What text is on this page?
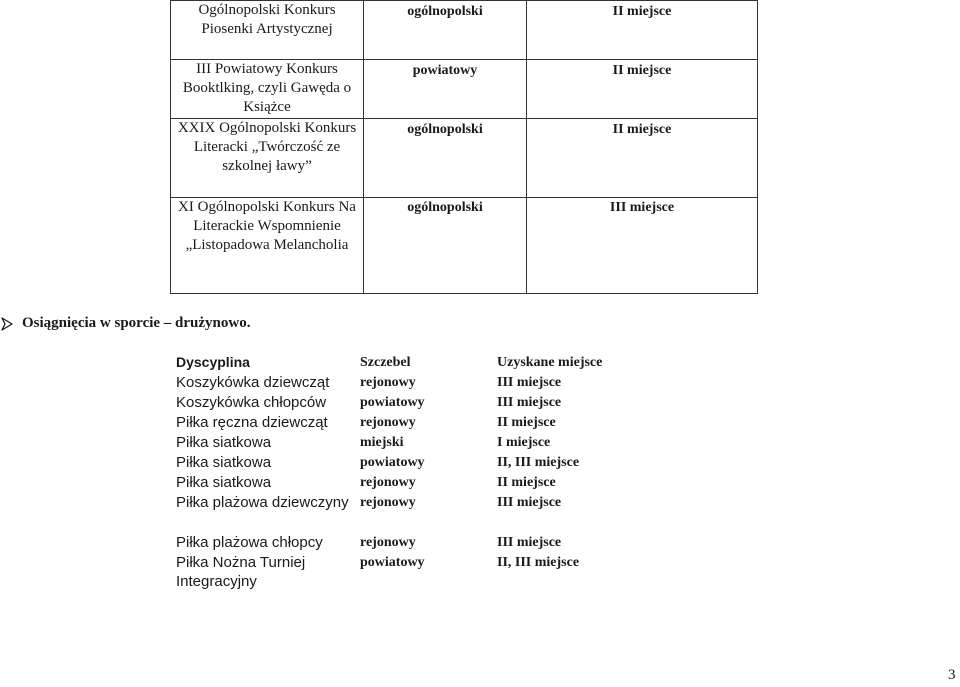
Ogólnopolski Konkurs Piosenki Artystycznej	ogólnopolski	II miejsce
III Powiatowy Konkurs Booktlking, czyli Gawęda o Książce	powiatowy	II miejsce
XXIX Ogólnopolski Konkurs Literacki „Twórczość ze szkolnej ławy”	ogólnopolski	II miejsce
XI Ogólnopolski Konkurs Na Literackie Wspomnienie „Listopadowa Melancholia	ogólnopolski	III miejsce
Osiągnięcia w sporcie – drużynowo.
Dyscyplina	Szczebel	Uzyskane miejsce
Koszykówka dziewcząt	rejonowy	III miejsce
Koszykówka chłopców	powiatowy	III miejsce
Piłka ręczna dziewcząt	rejonowy	II miejsce
Piłka siatkowa	miejski	I miejsce
Piłka siatkowa	powiatowy	II, III miejsce
Piłka siatkowa	rejonowy	II miejsce
Piłka plażowa dziewczyny	rejonowy	III miejsce
Piłka plażowa chłopcy	rejonowy	III miejsce
Piłka Nożna Turniej Integracyjny	powiatowy	II, III miejsce
3
